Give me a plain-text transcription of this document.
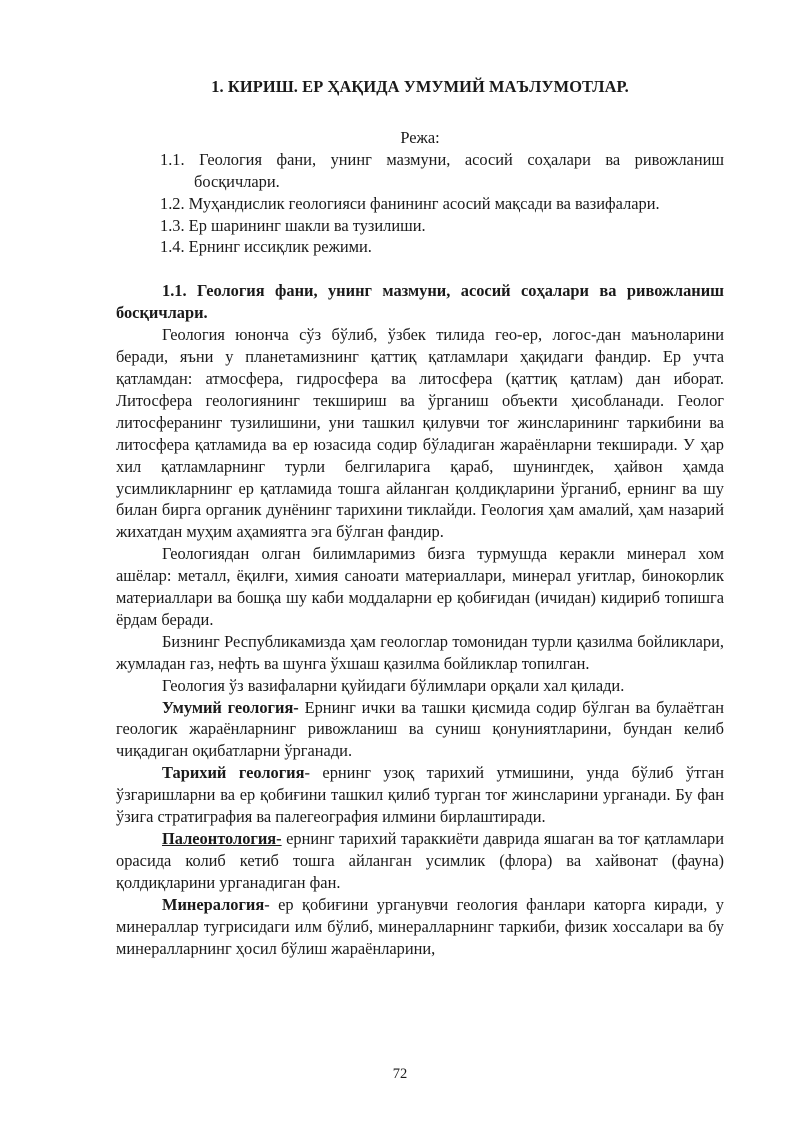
1. КИРИШ. ЕР ҲАҚИДА УМУМИЙ МАЪЛУМОТЛАР.
Режа:
1.1. Геология фани, унинг мазмуни, асосий соҳалари ва ривожланиш босқичлари.
1.2. Муҳандислик геологияси фанининг асосий мақсади ва вазифалари.
1.3. Ер шарининг шакли ва тузилиши.
1.4. Ернинг иссиқлик режими.
1.1. Геология фани, унинг мазмуни, асосий соҳалари ва ривожланиш босқичлари.

Геология юнонча сўз бўлиб, ўзбек тилида гео-ер, логос-дан маъноларини беради, яъни у планетамизнинг қаттиқ қатламлари ҳақидаги фандир. Ер учта қатламдан: атмосфера, гидросфера ва литосфера (қаттиқ қатлам) дан иборат. Литосфера геологиянинг текшириш ва ўрганиш объекти ҳисобланади. Геолог литосферанинг тузилишини, уни ташкил қилувчи тоғ жинсларининг таркибини ва литосфера қатламида ва ер юзасида содир бўладиган жараёнларни текширади. У ҳар хил қатламларнинг турли белгиларига қараб, шунингдек, ҳайвон ҳамда усимликларнинг ер қатламида тошга айланган қолдиқларини ўрганиб, ернинг ва шу билан бирга органик дунёнинг тарихини тиклайди. Геология ҳам амалий, ҳам назарий жихатдан муҳим аҳамиятга эга бўлган фандир.

Геологиядан олган билимларимиз бизга турмушда керакли минерал хом ашёлар: металл, ёқилғи, химия саноати материаллари, минерал уғитлар, бинокорлик материаллари ва бошқа шу каби моддаларни ер қобиғидан (ичидан) кидириб топишга ёрдам беради.

Бизнинг Республикамизда ҳам геологлар томонидан турли қазилма бойликлари, жумладан газ, нефть ва шунга ўхшаш қазилма бойликлар топилган.

Геология ўз вазифаларни қуйидаги бўлимлари орқали хал қилади.

Умумий геология- Ернинг ички ва ташки қисмида содир бўлган ва булаётган геологик жараёнларнинг ривожланиш ва суниш қонуниятларини, бундан келиб чиқадиган оқибатларни ўрганади.

Тарихий геология- ернинг узоқ тарихий утмишини, унда бўлиб ўтган ўзгаришларни ва ер қобиғини ташкил қилиб турган тоғ жинсларини урганади. Бу фан ўзига стратиграфия ва палегеография илмини бирлаштиради.

Палеонтология- ернинг тарихий тараккиёти даврида яшаган ва тоғ қатламлари орасида колиб кетиб тошга айланган усимлик (флора) ва хайвонат (фауна) қолдиқларини урганадиган фан.

Минералогия- ер қобиғини урганувчи геология фанлари каторга киради, у минераллар тугрисидаги илм бўлиб, минералларнинг таркиби, физик хоссалари ва бу минералларнинг ҳосил бўлиш жараёнларини,

72
